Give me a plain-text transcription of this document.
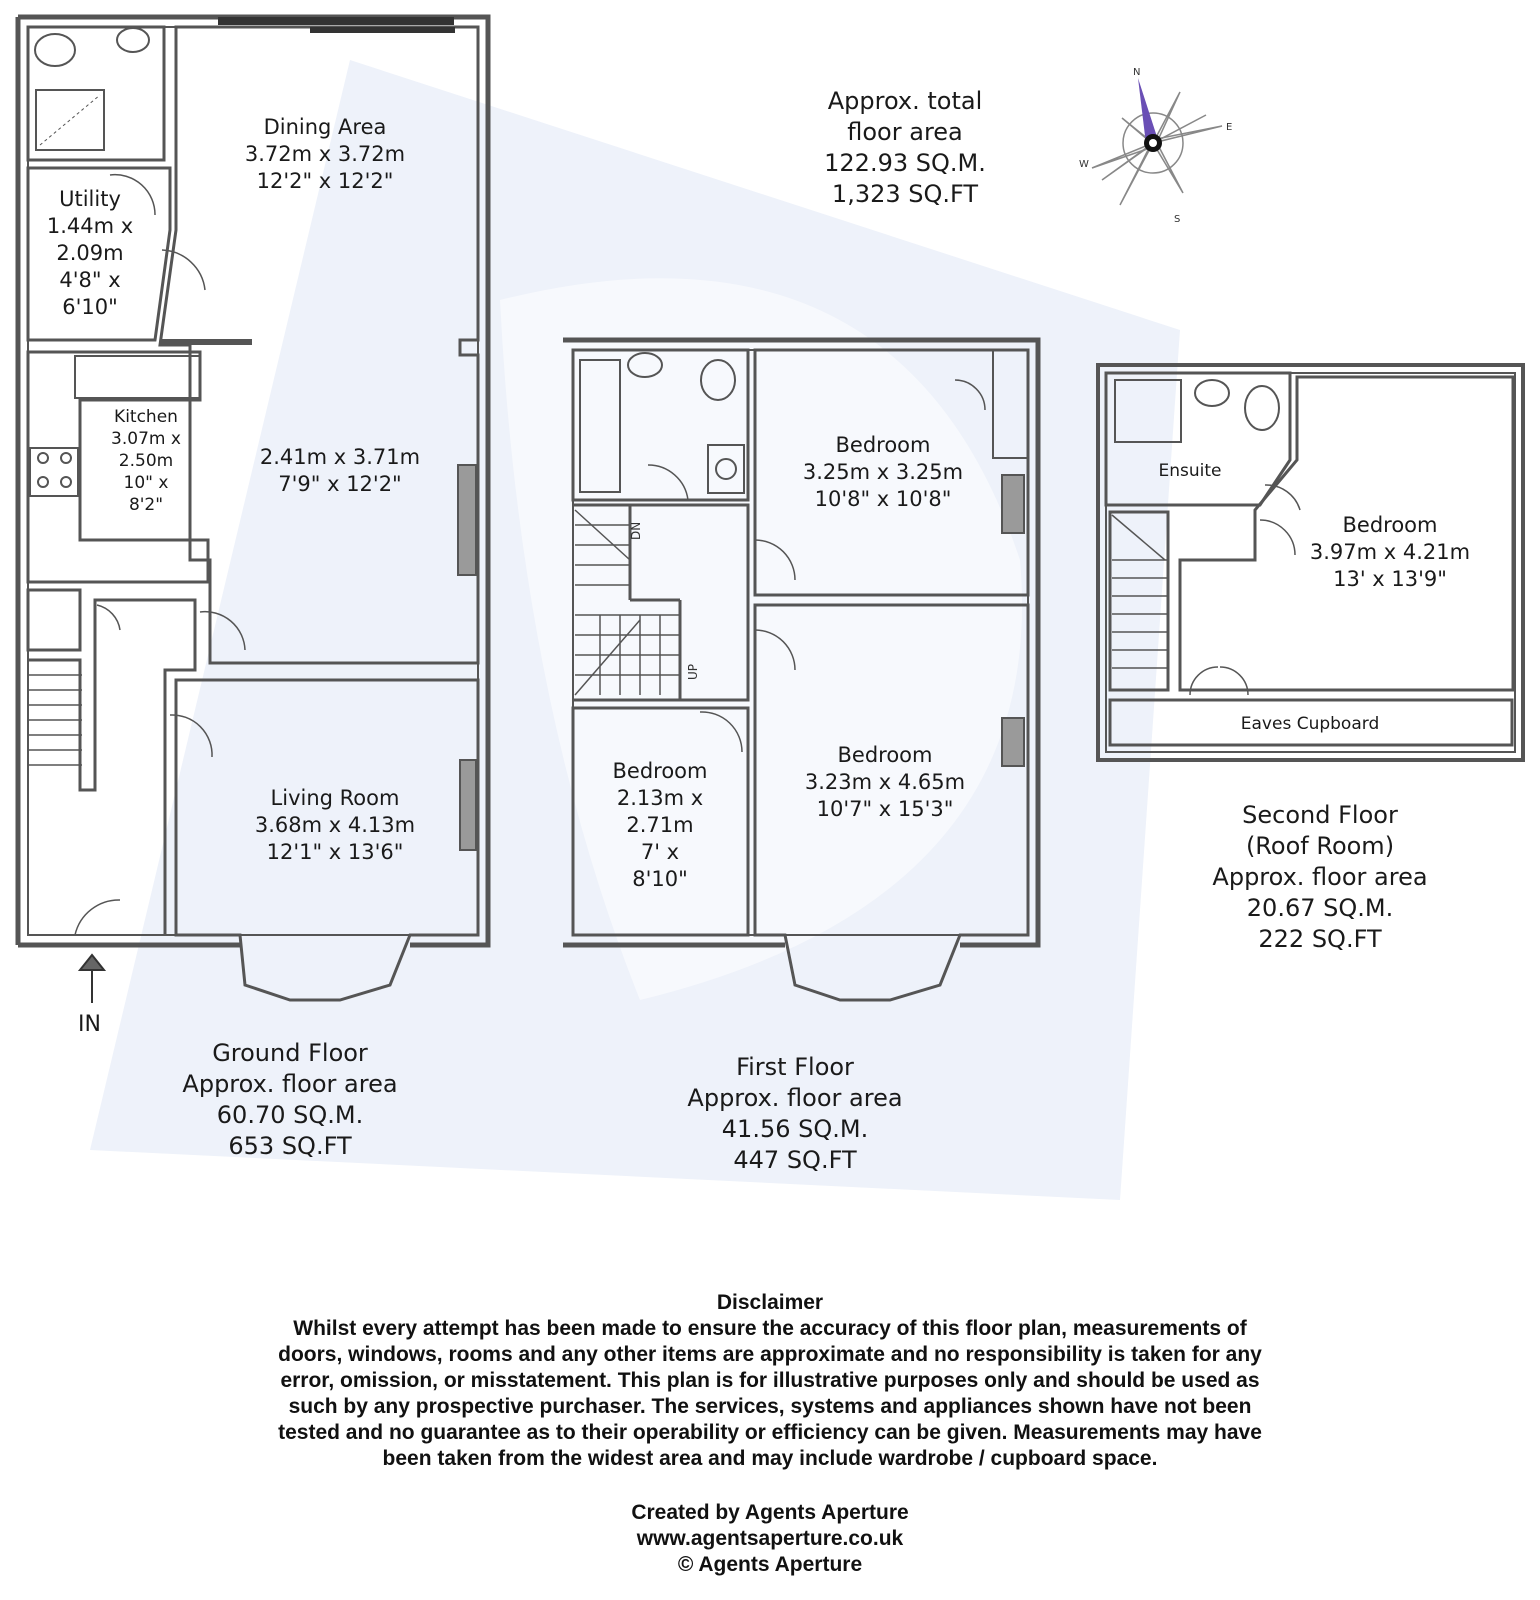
N
E
S
W
DN
UP
Approx. total
floor area
122.93 SQ.M.
1,323 SQ.FT
Utility
1.44m x
2.09m
4'8" x
6'10"
Dining Area
3.72m x 3.72m
12'2" x 12'2"
Kitchen
3.07m x
2.50m
10" x
8'2"
2.41m x 3.71m
7'9" x 12'2"
Living Room
3.68m x 4.13m
12'1" x 13'6"
IN
Ground Floor
Approx. floor area
60.70 SQ.M.
653 SQ.FT
Bedroom
3.25m x 3.25m
10'8" x 10'8"
Bedroom
2.13m x
2.71m
7' x
8'10"
Bedroom
3.23m x 4.65m
10'7" x 15'3"
First Floor
Approx. floor area
41.56 SQ.M.
447 SQ.FT
Ensuite
Bedroom
3.97m x 4.21m
13' x 13'9"
Eaves Cupboard
Second Floor
(Roof Room)
Approx. floor area
20.67 SQ.M.
222 SQ.FT
Disclaimer
Whilst every attempt has been made to ensure the accuracy of this floor plan, measurements of
doors, windows, rooms and any other items are approximate and no responsibility is taken for any
error, omission, or misstatement. This plan is for illustrative purposes only and should be used as
such by any prospective purchaser. The services, systems and appliances shown have not been
tested and no guarantee as to their operability or efficiency can be given. Measurements may have
been taken from the widest area and may include wardrobe / cupboard space.
Created by Agents Aperture
www.agentsaperture.co.uk
© Agents Aperture
